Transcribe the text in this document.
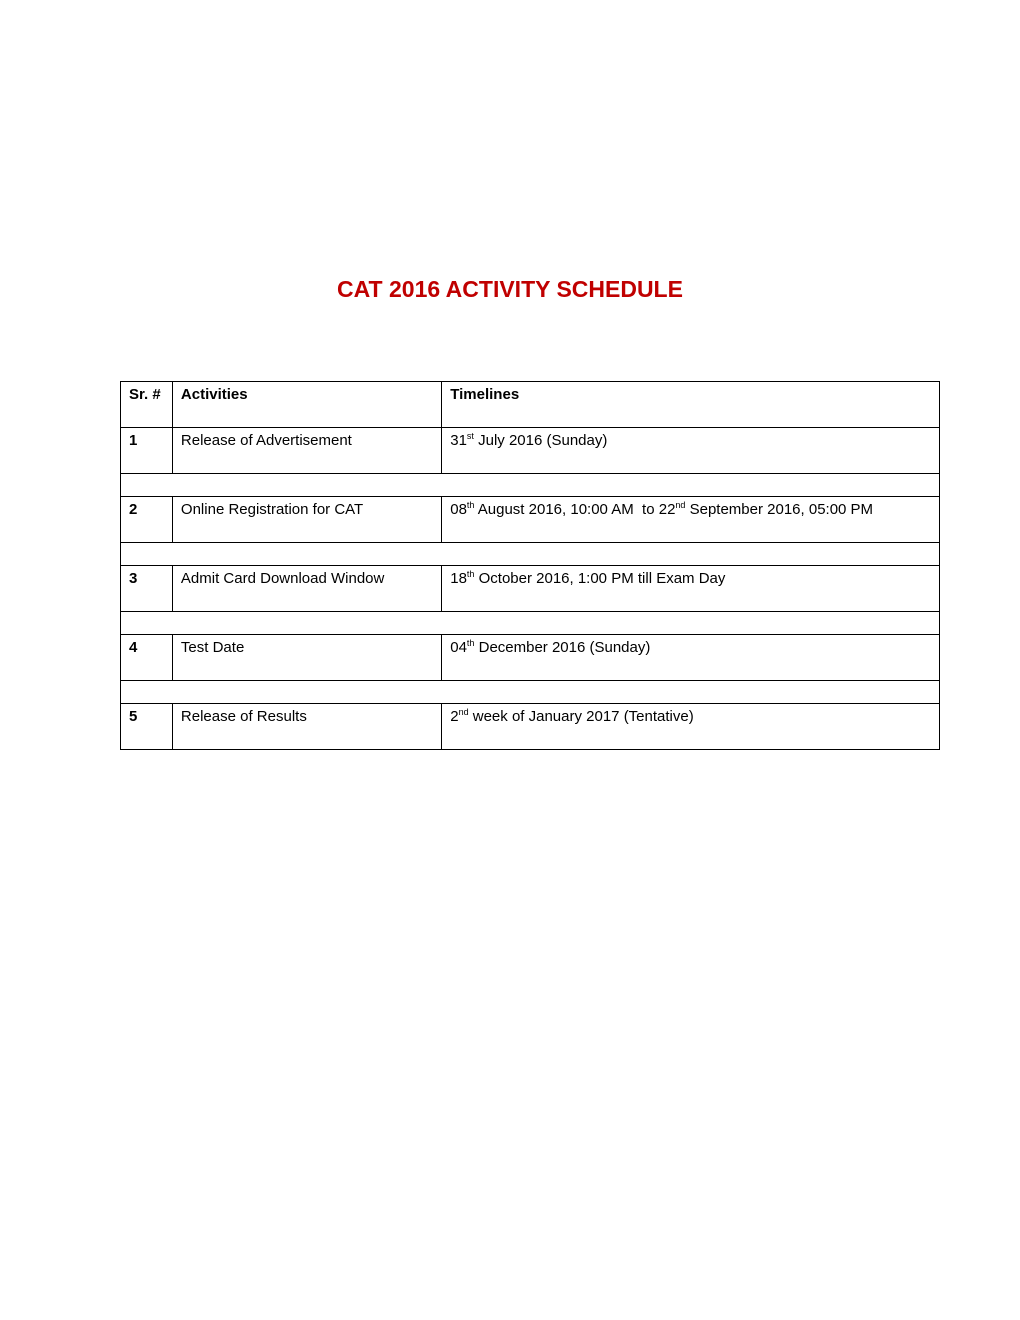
CAT 2016 ACTIVITY SCHEDULE
Sr. #	Activities	Timelines
1	Release of Advertisement	31st July 2016 (Sunday)

2	Online Registration for CAT	08th August 2016, 10:00 AM  to 22nd September 2016, 05:00 PM

3	Admit Card Download Window	18th October 2016, 1:00 PM till Exam Day

4	Test Date	04th December 2016 (Sunday)

5	Release of Results	2nd week of January 2017 (Tentative)
